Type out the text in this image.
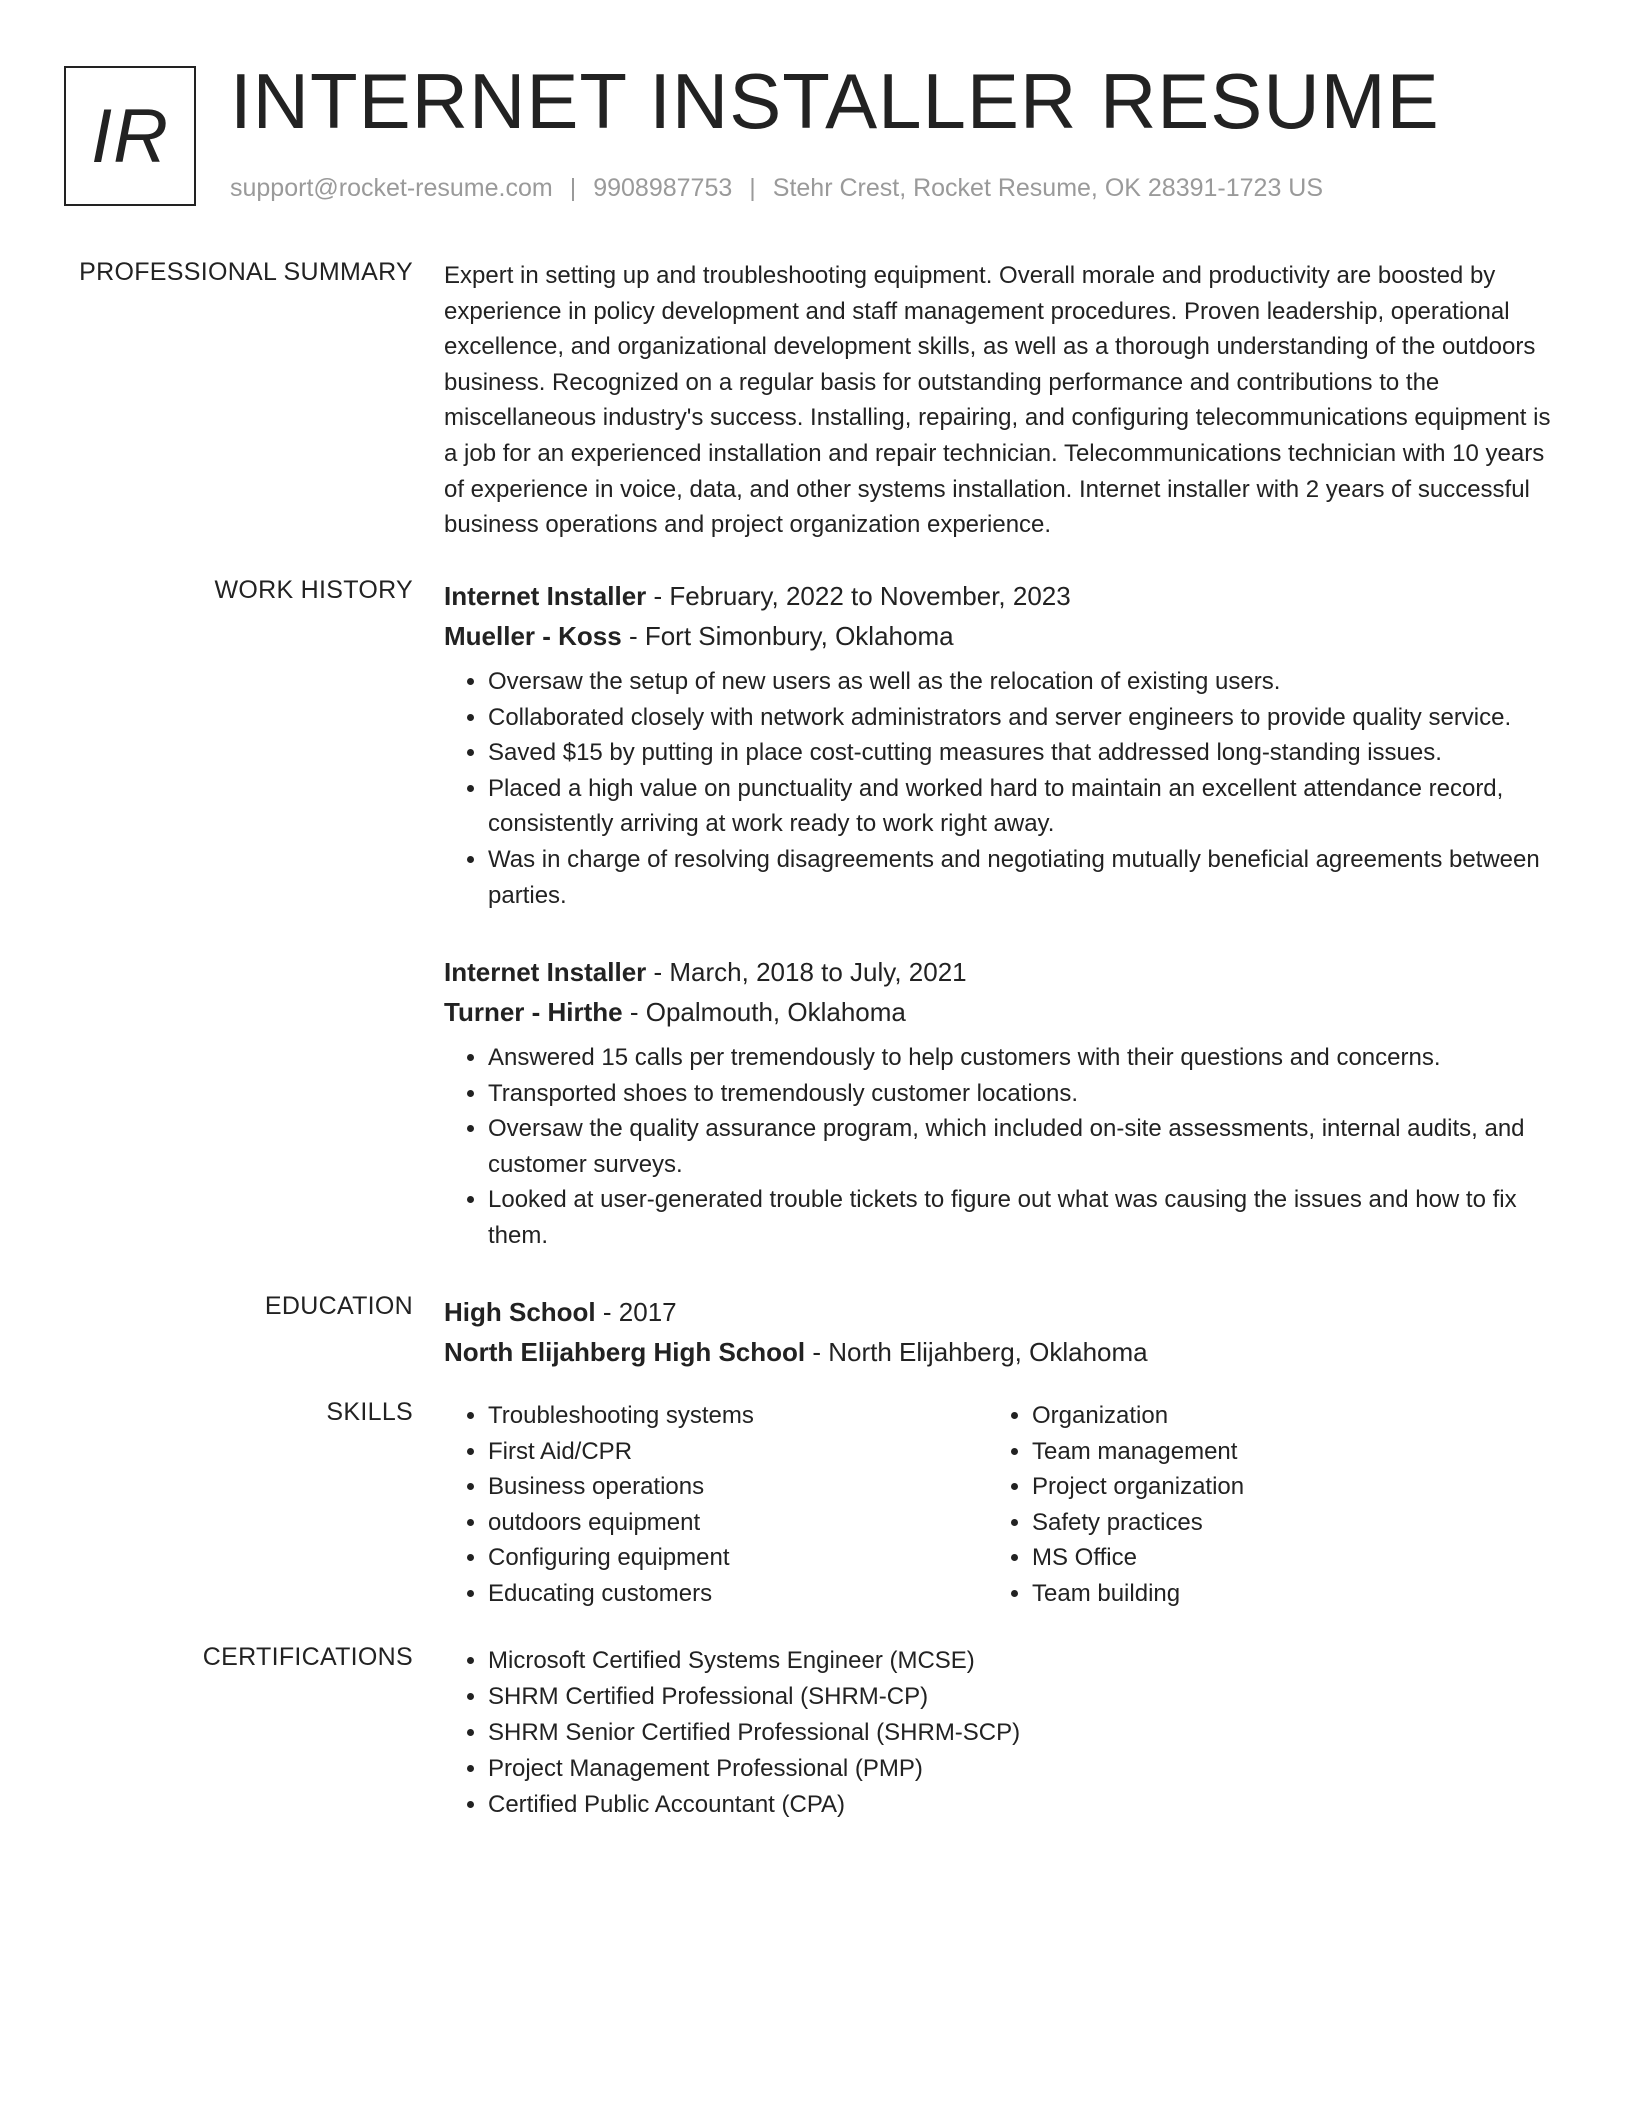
IR INTERNET INSTALLER RESUME
support@rocket-resume.com | 9908987753 | Stehr Crest, Rocket Resume, OK 28391-1723 US
PROFESSIONAL SUMMARY Expert in setting up and troubleshooting equipment. Overall morale and productivity are boosted by experience in policy development and staff management procedures. Proven leadership, operational excellence, and organizational development skills, as well as a thorough understanding of the outdoors business. Recognized on a regular basis for outstanding performance and contributions to the miscellaneous industry's success. Installing, repairing, and configuring telecommunications equipment is a job for an experienced installation and repair technician. Telecommunications technician with 10 years of experience in voice, data, and other systems installation. Internet installer with 2 years of successful business operations and project organization experience.

WORK HISTORY Internet Installer - February, 2022 to November, 2023

Mueller - Koss - Fort Simonbury, Oklahoma

• Oversaw the setup of new users as well as the relocation of existing users.
• Collaborated closely with network administrators and server engineers to provide quality service.
• Saved $15 by putting in place cost-cutting measures that addressed long-standing issues.
• Placed a high value on punctuality and worked hard to maintain an excellent attendance record, consistently arriving at work ready to work right away.
• Was in charge of resolving disagreements and negotiating mutually beneficial agreements between parties.

Internet Installer - March, 2018 to July, 2021

Turner - Hirthe - Opalmouth, Oklahoma

• Answered 15 calls per tremendously to help customers with their questions and concerns.
• Transported shoes to tremendously customer locations.
• Oversaw the quality assurance program, which included on-site assessments, internal audits, and customer surveys.
• Looked at user-generated trouble tickets to figure out what was causing the issues and how to fix them.
EDUCATION High School - 2017

North Elijahberg High School - North Elijahberg, Oklahoma

SKILLS	• Troubleshooting systems
• First Aid/CPR
• Business operations
• outdoors equipment
• Configuring equipment
• Educating customers
• Organization
• Team management
• Project organization
• Safety practices
• MS Office
• Team building
CERTIFICATIONS	• Microsoft Certified Systems Engineer (MCSE)
• SHRM Certified Professional (SHRM-CP)
• SHRM Senior Certified Professional (SHRM-SCP)
• Project Management Professional (PMP)
• Certified Public Accountant (CPA)
